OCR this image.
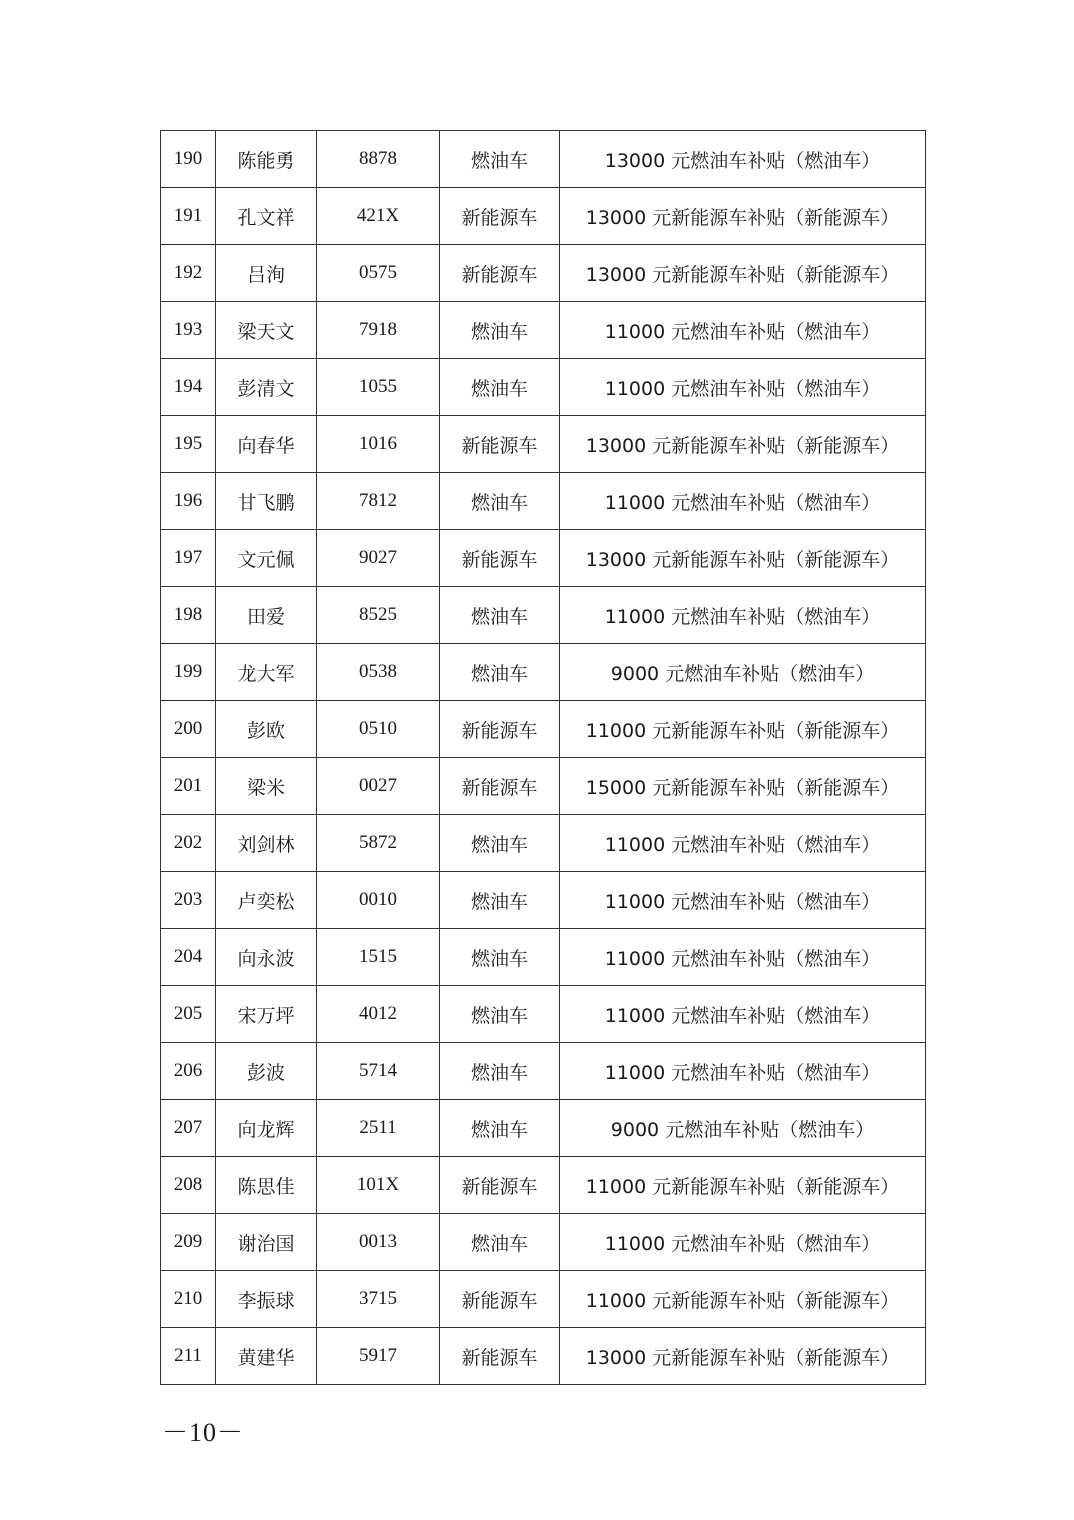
190	陈能勇	8878	燃油车	13000 元燃油车补贴（燃油车）
191	孔文祥	421X	新能源车	13000 元新能源车补贴（新能源车）
192	吕洵	0575	新能源车	13000 元新能源车补贴（新能源车）
193	梁天文	7918	燃油车	11000 元燃油车补贴（燃油车）
194	彭清文	1055	燃油车	11000 元燃油车补贴（燃油车）
195	向春华	1016	新能源车	13000 元新能源车补贴（新能源车）
196	甘飞鹏	7812	燃油车	11000 元燃油车补贴（燃油车）
197	文元佩	9027	新能源车	13000 元新能源车补贴（新能源车）
198	田爱	8525	燃油车	11000 元燃油车补贴（燃油车）
199	龙大军	0538	燃油车	9000 元燃油车补贴（燃油车）
200	彭欧	0510	新能源车	11000 元新能源车补贴（新能源车）
201	梁米	0027	新能源车	15000 元新能源车补贴（新能源车）
202	刘剑林	5872	燃油车	11000 元燃油车补贴（燃油车）
203	卢奕松	0010	燃油车	11000 元燃油车补贴（燃油车）
204	向永波	1515	燃油车	11000 元燃油车补贴（燃油车）
205	宋万坪	4012	燃油车	11000 元燃油车补贴（燃油车）
206	彭波	5714	燃油车	11000 元燃油车补贴（燃油车）
207	向龙辉	2511	燃油车	9000 元燃油车补贴（燃油车）
208	陈思佳	101X	新能源车	11000 元新能源车补贴（新能源车）
209	谢治国	0013	燃油车	11000 元燃油车补贴（燃油车）
210	李振球	3715	新能源车	11000 元新能源车补贴（新能源车）
211	黄建华	5917	新能源车	13000 元新能源车补贴（新能源车）
－10－
